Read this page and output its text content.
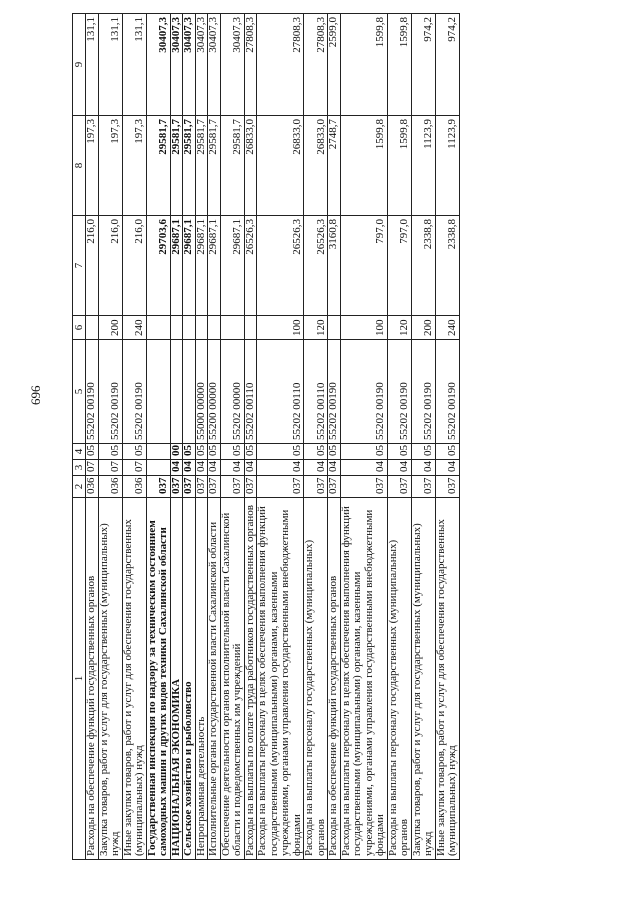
696
1	2	3	4	5	6	7	8	9
Расходы на обеспечение функций государственных органов	036	07	05	55202 00190		216,0	197,3	131,1
Закупка товаров, работ и услуг для государственных (муниципальных) нужд	036	07	05	55202 00190	200	216,0	197,3	131,1
Иные закупки товаров, работ и услуг для обеспечения государственных (муниципальных) нужд	036	07	05	55202 00190	240	216,0	197,3	131,1
Государственная инспекция по надзору за техническим состоянием самоходных машин и других видов техники Сахалинской области	037					29703,6	29581,7	30407,3
НАЦИОНАЛЬНАЯ ЭКОНОМИКА	037	04	00			29687,1	29581,7	30407,3
Сельское хозяйство и рыболовство	037	04	05			29687,1	29581,7	30407,3
Непрограммная деятельность	037	04	05	55000 00000		29687,1	29581,7	30407,3
Исполнительные органы государственной власти Сахалинской области	037	04	05	55200 00000		29687,1	29581,7	30407,3
Обеспечение деятельности органов исполнительной власти Сахалинской области и подведомственных им учреждений	037	04	05	55202 00000		29687,1	29581,7	30407,3
Расходы на выплаты по оплате труда работников государственных органов	037	04	05	55202 00110		26526,3	26833,0	27808,3
Расходы на выплаты персоналу в целях обеспечения выполнения функций государственными (муниципальными) органами, казенными учреждениями, органами управления государственными внебюджетными фондами	037	04	05	55202 00110	100	26526,3	26833,0	27808,3
Расходы на выплаты персоналу государственных (муниципальных) органов	037	04	05	55202 00110	120	26526,3	26833,0	27808,3
Расходы на обеспечение функций государственных органов	037	04	05	55202 00190		3160,8	2748,7	2599,0
Расходы на выплаты персоналу в целях обеспечения выполнения функций государственными (муниципальными) органами, казенными учреждениями, органами управления государственными внебюджетными фондами	037	04	05	55202 00190	100	797,0	1599,8	1599,8
Расходы на выплаты персоналу государственных (муниципальных) органов	037	04	05	55202 00190	120	797,0	1599,8	1599,8
Закупка товаров, работ и услуг для государственных (муниципальных) нужд	037	04	05	55202 00190	200	2338,8	1123,9	974,2
Иные закупки товаров, работ и услуг для обеспечения государственных (муниципальных) нужд	037	04	05	55202 00190	240	2338,8	1123,9	974,2
